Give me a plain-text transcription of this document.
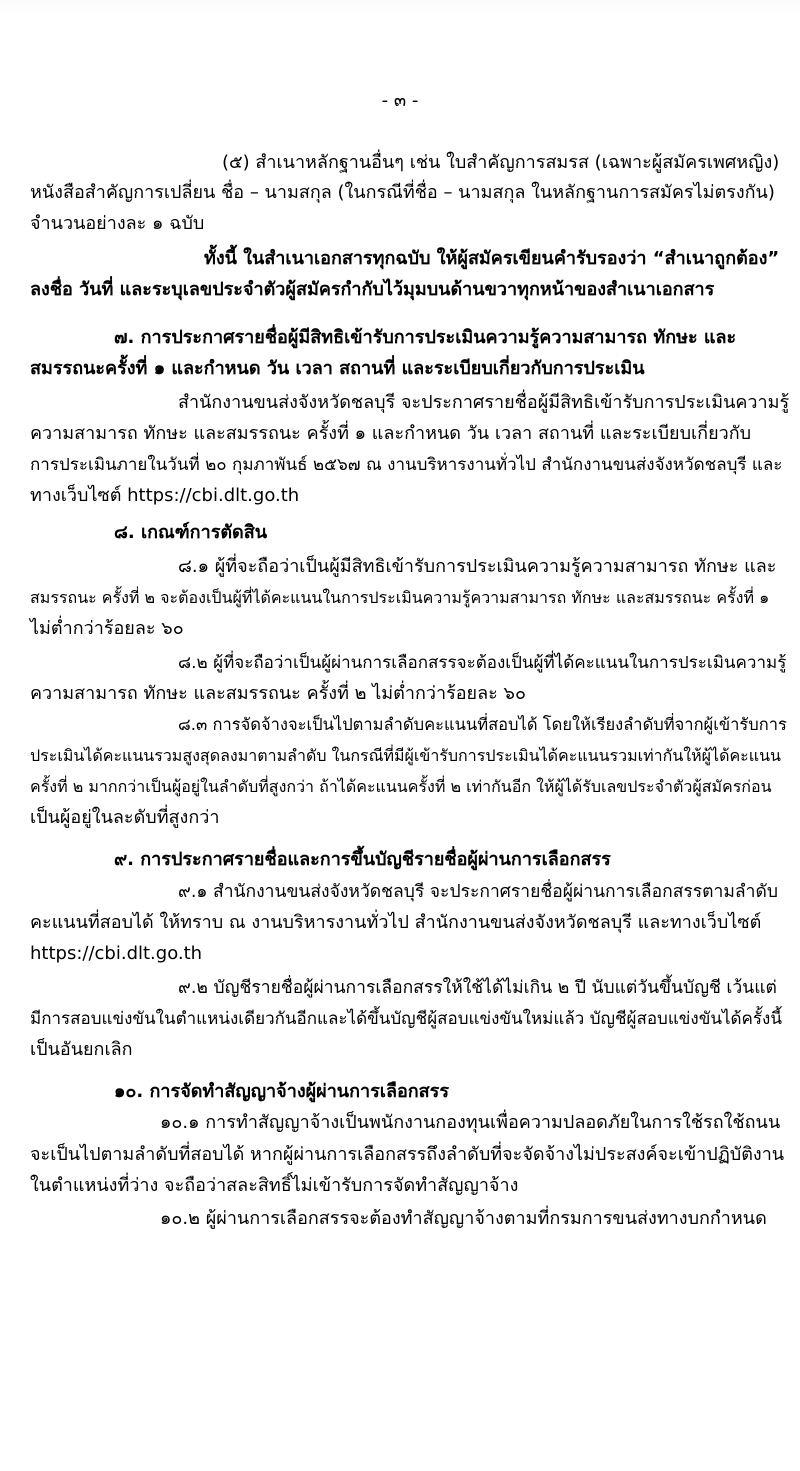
- ๓ -
(๕) สำเนาหลักฐานอื่นๆ เช่น ใบสำคัญการสมรส (เฉพาะผู้สมัครเพศหญิง)
หนังสือสำคัญการเปลี่ยน ชื่อ – นามสกุล (ในกรณีที่ชื่อ – นามสกุล ในหลักฐานการสมัครไม่ตรงกัน)
จำนวนอย่างละ ๑ ฉบับ
ทั้งนี้ ในสำเนาเอกสารทุกฉบับ ให้ผู้สมัครเขียนคำรับรองว่า “สำเนาถูกต้อง”
ลงชื่อ วันที่ และระบุเลขประจำตัวผู้สมัครกำกับไว้มุมบนด้านขวาทุกหน้าของสำเนาเอกสาร
๗. การประกาศรายชื่อผู้มีสิทธิเข้ารับการประเมินความรู้ความสามารถ ทักษะ และ
สมรรถนะครั้งที่ ๑ และกำหนด วัน เวลา สถานที่ และระเบียบเกี่ยวกับการประเมิน
สำนักงานขนส่งจังหวัดชลบุรี จะประกาศรายชื่อผู้มีสิทธิเข้ารับการประเมินความรู้
ความสามารถ ทักษะ และสมรรถนะ ครั้งที่ ๑ และกำหนด วัน เวลา สถานที่ และระเบียบเกี่ยวกับ
การประเมินภายในวันที่ ๒๐ กุมภาพันธ์ ๒๕๖๗ ณ งานบริหารงานทั่วไป สำนักงานขนส่งจังหวัดชลบุรี และ
ทางเว็บไซต์ https://cbi.dlt.go.th
๘. เกณฑ์การตัดสิน
๘.๑ ผู้ที่จะถือว่าเป็นผู้มีสิทธิเข้ารับการประเมินความรู้ความสามารถ ทักษะ และ
สมรรถนะ ครั้งที่ ๒ จะต้องเป็นผู้ที่ได้คะแนนในการประเมินความรู้ความสามารถ ทักษะ และสมรรถนะ ครั้งที่ ๑
ไม่ต่ำกว่าร้อยละ ๖๐
๘.๒ ผู้ที่จะถือว่าเป็นผู้ผ่านการเลือกสรรจะต้องเป็นผู้ที่ได้คะแนนในการประเมินความรู้
ความสามารถ ทักษะ และสมรรถนะ ครั้งที่ ๒ ไม่ต่ำกว่าร้อยละ ๖๐
๘.๓ การจัดจ้างจะเป็นไปตามลำดับคะแนนที่สอบได้ โดยให้เรียงลำดับที่จากผู้เข้ารับการ
ประเมินได้คะแนนรวมสูงสุดลงมาตามลำดับ ในกรณีที่มีผู้เข้ารับการประเมินได้คะแนนรวมเท่ากันให้ผู้ได้คะแนน
ครั้งที่ ๒ มากกว่าเป็นผู้อยู่ในลำดับที่สูงกว่า ถ้าได้คะแนนครั้งที่ ๒ เท่ากันอีก ให้ผู้ได้รับเลขประจำตัวผู้สมัครก่อน
เป็นผู้อยู่ในละดับที่สูงกว่า
๙. การประกาศรายชื่อและการขึ้นบัญชีรายชื่อผู้ผ่านการเลือกสรร
๙.๑ สำนักงานขนส่งจังหวัดชลบุรี จะประกาศรายชื่อผู้ผ่านการเลือกสรรตามลำดับ
คะแนนที่สอบได้ ให้ทราบ ณ งานบริหารงานทั่วไป สำนักงานขนส่งจังหวัดชลบุรี และทางเว็บไซต์
https://cbi.dlt.go.th
๙.๒ บัญชีรายชื่อผู้ผ่านการเลือกสรรให้ใช้ได้ไม่เกิน ๒ ปี นับแต่วันขึ้นบัญชี เว้นแต่
มีการสอบแข่งขันในตำแหน่งเดียวกันอีกและได้ขึ้นบัญชีผู้สอบแข่งขันใหม่แล้ว บัญชีผู้สอบแข่งขันได้ครั้งนี้
เป็นอันยกเลิก
๑๐. การจัดทำสัญญาจ้างผู้ผ่านการเลือกสรร
๑๐.๑ การทำสัญญาจ้างเป็นพนักงานกองทุนเพื่อความปลอดภัยในการใช้รถใช้ถนน
จะเป็นไปตามลำดับที่สอบได้ หากผู้ผ่านการเลือกสรรถึงลำดับที่จะจัดจ้างไม่ประสงค์จะเข้าปฏิบัติงาน
ในตำแหน่งที่ว่าง จะถือว่าสละสิทธิ์ไม่เข้ารับการจัดทำสัญญาจ้าง
๑๐.๒ ผู้ผ่านการเลือกสรรจะต้องทำสัญญาจ้างตามที่กรมการขนส่งทางบกกำหนด
